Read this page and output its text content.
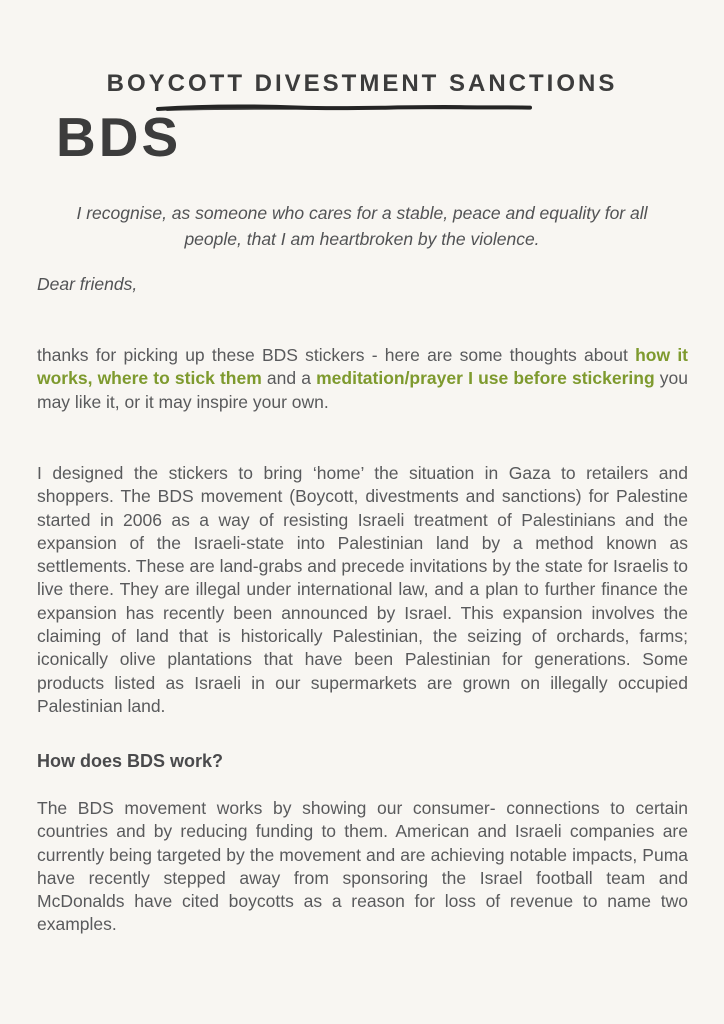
BOYCOTT DIVESTMENT SANCTIONS
BDS
I recognise, as someone who cares for a stable, peace and equality for all people, that I am heartbroken by the violence.
Dear friends,
thanks for picking up these BDS stickers - here are some thoughts about how it works, where to stick them and a meditation/prayer I use before stickering you may like it, or it may inspire your own.
I designed the stickers to bring ‘home’ the situation in Gaza to retailers and shoppers. The BDS movement (Boycott, divestments and sanctions) for Palestine started in 2006 as a way of resisting Israeli treatment of Palestinians and the expansion of the Israeli-state into Palestinian land by a method known as settlements. These are land-grabs and precede invitations by the state for Israelis to live there. They are illegal under international law, and a plan to further finance the expansion has recently been announced by Israel. This expansion involves the claiming of land that is historically Palestinian, the seizing of orchards, farms; iconically olive plantations that have been Palestinian for generations. Some products listed as Israeli in our supermarkets are grown on illegally occupied Palestinian land.
How does BDS work?
The BDS movement works by showing our consumer- connections to certain countries and by reducing funding to them. American and Israeli companies are currently being targeted by the movement and are achieving notable impacts, Puma have recently stepped away from sponsoring the Israel football team and McDonalds have cited boycotts as a reason for loss of revenue to name two examples.
